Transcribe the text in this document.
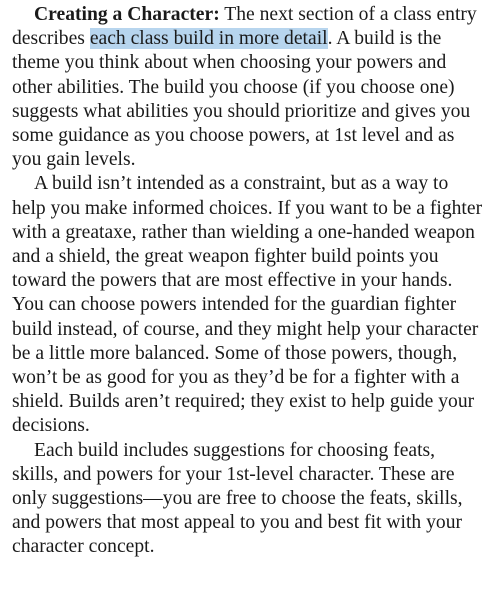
Creating a Character: The next section of a class entry describes each class build in more detail. A build is the theme you think about when choosing your powers and other abilities. The build you choose (if you choose one) suggests what abilities you should prioritize and gives you some guidance as you choose powers, at 1st level and as you gain levels.

A build isn’t intended as a constraint, but as a way to help you make informed choices. If you want to be a fighter with a greataxe, rather than wielding a one-handed weapon and a shield, the great weapon fighter build points you toward the powers that are most effective in your hands. You can choose powers intended for the guardian fighter build instead, of course, and they might help your character be a little more balanced. Some of those powers, though, won’t be as good for you as they’d be for a fighter with a shield. Builds aren’t required; they exist to help guide your decisions.

Each build includes suggestions for choosing feats, skills, and powers for your 1st-level character. These are only suggestions—you are free to choose the feats, skills, and powers that most appeal to you and best fit with your character concept.
